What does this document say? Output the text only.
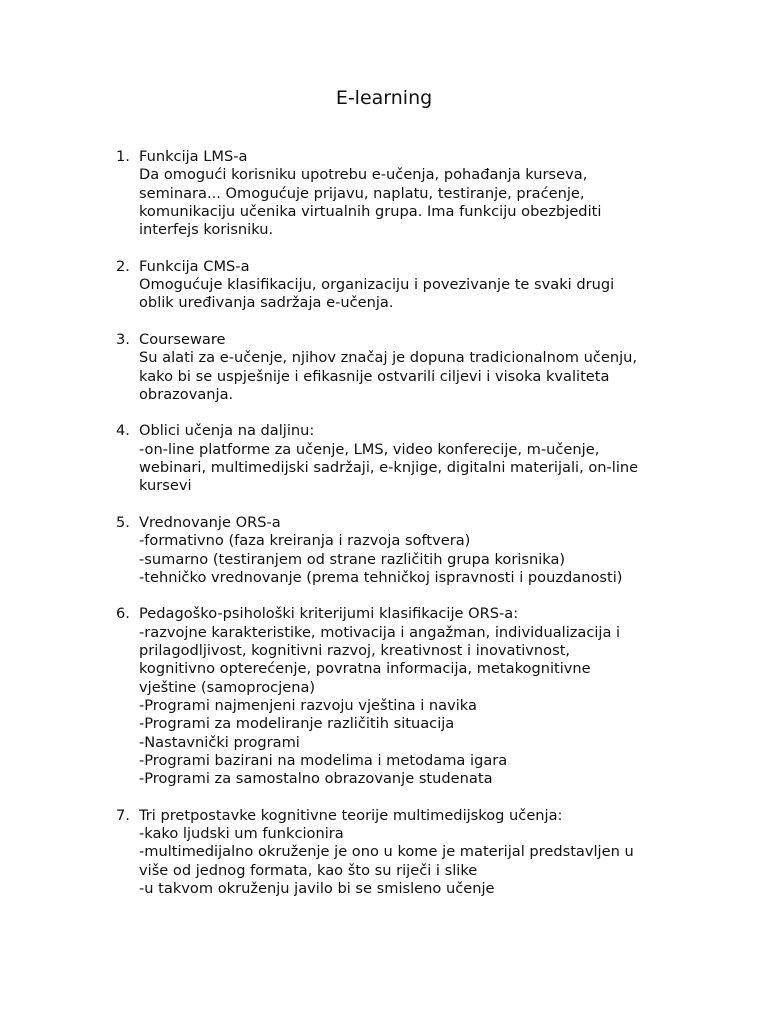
E-learning
1. Funkcija LMS-a
Da omogući korisniku upotrebu e-učenja, pohađanja kurseva,
seminara... Omogućuje prijavu, naplatu, testiranje, praćenje,
komunikaciju učenika virtualnih grupa. Ima funkciju obezbjediti
interfejs korisniku.
2. Funkcija CMS-a
Omogućuje klasifikaciju, organizaciju i povezivanje te svaki drugi
oblik uređivanja sadržaja e-učenja.
3. Courseware
Su alati za e-učenje, njihov značaj je dopuna tradicionalnom učenju,
kako bi se uspješnije i efikasnije ostvarili ciljevi i visoka kvaliteta
obrazovanja.
4. Oblici učenja na daljinu:
-on-line platforme za učenje, LMS, video konferecije, m-učenje,
webinari, multimedijski sadržaji, e-knjige, digitalni materijali, on-line
kursevi
5. Vrednovanje ORS-a
-formativno (faza kreiranja i razvoja softvera)
-sumarno (testiranjem od strane različitih grupa korisnika)
-tehničko vrednovanje (prema tehničkoj ispravnosti i pouzdanosti)
6. Pedagoško-psihološki kriterijumi klasifikacije ORS-a:
-razvojne karakteristike, motivacija i angažman, individualizacija i
prilagodljivost, kognitivni razvoj, kreativnost i inovativnost,
kognitivno opterećenje, povratna informacija, metakognitivne
vještine (samoprocjena)
-Programi najmenjeni razvoju vještina i navika
-Programi za modeliranje različitih situacija
-Nastavnički programi
-Programi bazirani na modelima i metodama igara
-Programi za samostalno obrazovanje studenata
7. Tri pretpostavke kognitivne teorije multimedijskog učenja:
-kako ljudski um funkcionira
-multimedijalno okruženje je ono u kome je materijal predstavljen u
više od jednog formata, kao što su riječi i slike
-u takvom okruženju javilo bi se smisleno učenje
